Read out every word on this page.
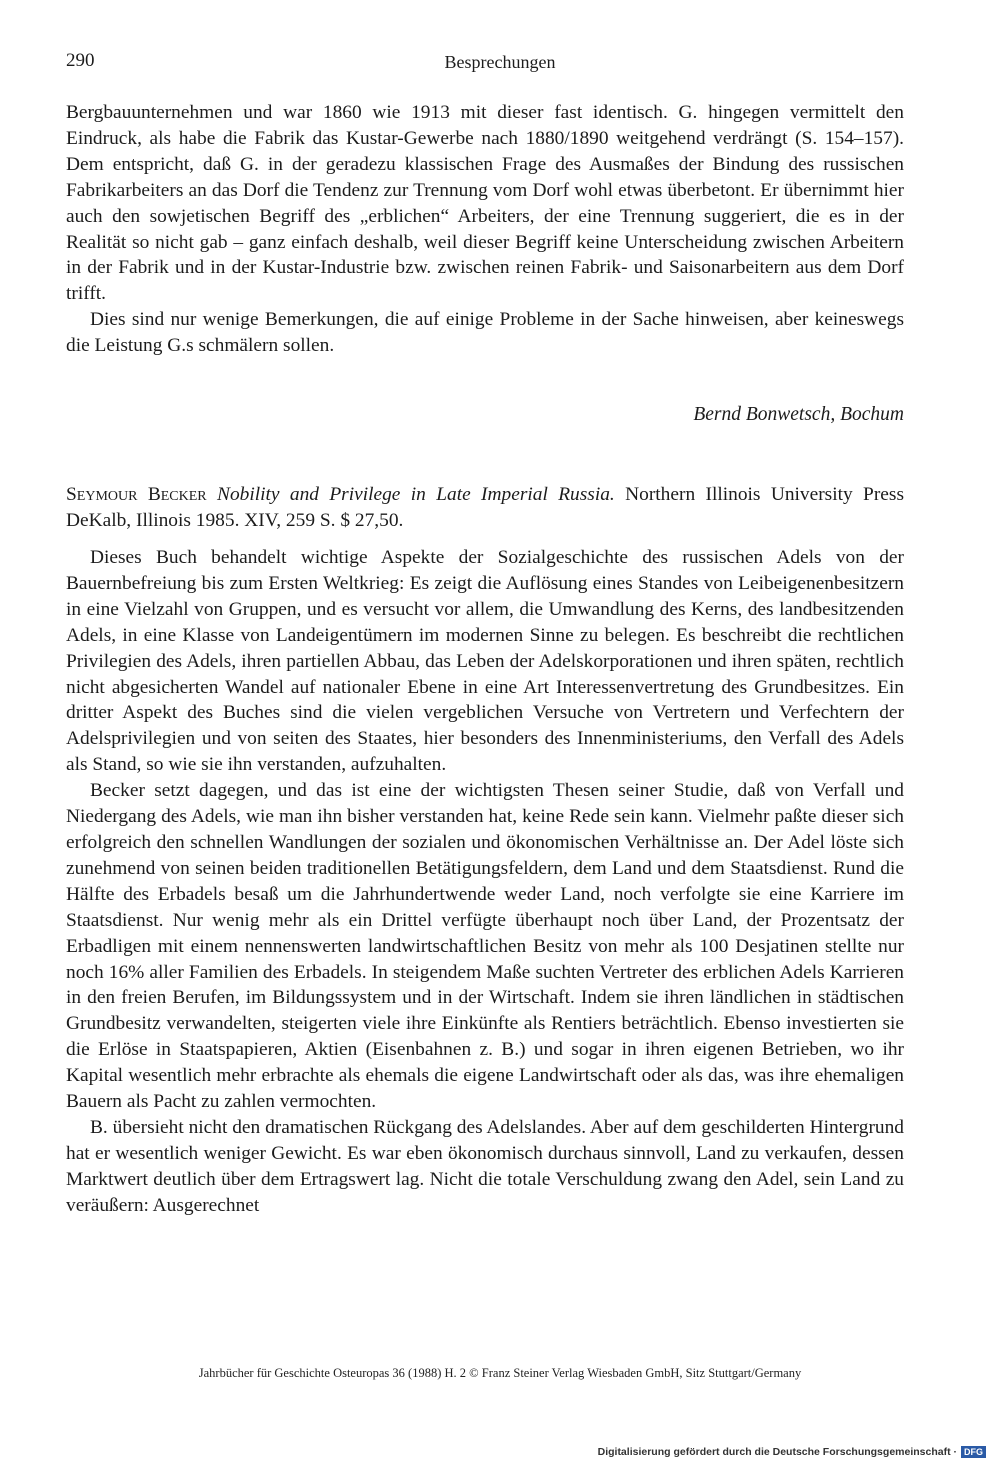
290	Besprechungen

Bergbauunternehmen und war 1860 wie 1913 mit dieser fast identisch. G. hingegen vermittelt den Eindruck, als habe die Fabrik das Kustar-Gewerbe nach 1880/1890 weitgehend verdrängt (S. 154–157). Dem entspricht, daß G. in der geradezu klassischen Frage des Ausmaßes der Bindung des russischen Fabrikarbeiters an das Dorf die Tendenz zur Trennung vom Dorf wohl etwas überbetont. Er übernimmt hier auch den sowjetischen Begriff des „erblichen“ Arbeiters, der eine Trennung suggeriert, die es in der Realität so nicht gab – ganz einfach deshalb, weil dieser Begriff keine Unterscheidung zwischen Arbeitern in der Fabrik und in der Kustar-Industrie bzw. zwischen reinen Fabrik- und Saisonarbeitern aus dem Dorf trifft.

Dies sind nur wenige Bemerkungen, die auf einige Probleme in der Sache hinweisen, aber keineswegs die Leistung G.s schmälern sollen.

Bernd Bonwetsch, Bochum
Seymour Becker Nobility and Privilege in Late Imperial Russia. Northern Illinois University Press DeKalb, Illinois 1985. XIV, 259 S. $ 27,50.

Dieses Buch behandelt wichtige Aspekte der Sozialgeschichte des russischen Adels von der Bauernbefreiung bis zum Ersten Weltkrieg: Es zeigt die Auflösung eines Standes von Leibeigenenbesitzern in eine Vielzahl von Gruppen, und es versucht vor allem, die Umwandlung des Kerns, des landbesitzenden Adels, in eine Klasse von Landeigentümern im modernen Sinne zu belegen. Es beschreibt die rechtlichen Privilegien des Adels, ihren partiellen Abbau, das Leben der Adelskorporationen und ihren späten, rechtlich nicht abgesicherten Wandel auf nationaler Ebene in eine Art Interessenvertretung des Grundbesitzes. Ein dritter Aspekt des Buches sind die vielen vergeblichen Versuche von Vertretern und Verfechtern der Adelsprivilegien und von seiten des Staates, hier besonders des Innenministeriums, den Verfall des Adels als Stand, so wie sie ihn verstanden, aufzuhalten.

Becker setzt dagegen, und das ist eine der wichtigsten Thesen seiner Studie, daß von Verfall und Niedergang des Adels, wie man ihn bisher verstanden hat, keine Rede sein kann. Vielmehr paßte dieser sich erfolgreich den schnellen Wandlungen der sozialen und ökonomischen Verhältnisse an. Der Adel löste sich zunehmend von seinen beiden traditionellen Betätigungsfeldern, dem Land und dem Staatsdienst. Rund die Hälfte des Erbadels besaß um die Jahrhundertwende weder Land, noch verfolgte sie eine Karriere im Staatsdienst. Nur wenig mehr als ein Drittel verfügte überhaupt noch über Land, der Prozentsatz der Erbadligen mit einem nennenswerten landwirtschaftlichen Besitz von mehr als 100 Desjatinen stellte nur noch 16% aller Familien des Erbadels. In steigendem Maße suchten Vertreter des erblichen Adels Karrieren in den freien Berufen, im Bildungssystem und in der Wirtschaft. Indem sie ihren ländlichen in städtischen Grundbesitz verwandelten, steigerten viele ihre Einkünfte als Rentiers beträchtlich. Ebenso investierten sie die Erlöse in Staatspapieren, Aktien (Eisenbahnen z. B.) und sogar in ihren eigenen Betrieben, wo ihr Kapital wesentlich mehr erbrachte als ehemals die eigene Landwirtschaft oder als das, was ihre ehemaligen Bauern als Pacht zu zahlen vermochten.

B. übersieht nicht den dramatischen Rückgang des Adelslandes. Aber auf dem geschilderten Hintergrund hat er wesentlich weniger Gewicht. Es war eben ökonomisch durchaus sinnvoll, Land zu verkaufen, dessen Marktwert deutlich über dem Ertragswert lag. Nicht die totale Verschuldung zwang den Adel, sein Land zu veräußern: Ausgerechnet

Jahrbücher für Geschichte Osteuropas 36 (1988) H. 2 © Franz Steiner Verlag Wiesbaden GmbH, Sitz Stuttgart/Germany
Digitalisierung gefördert durch die Deutsche Forschungsgemeinschaft · DFG
